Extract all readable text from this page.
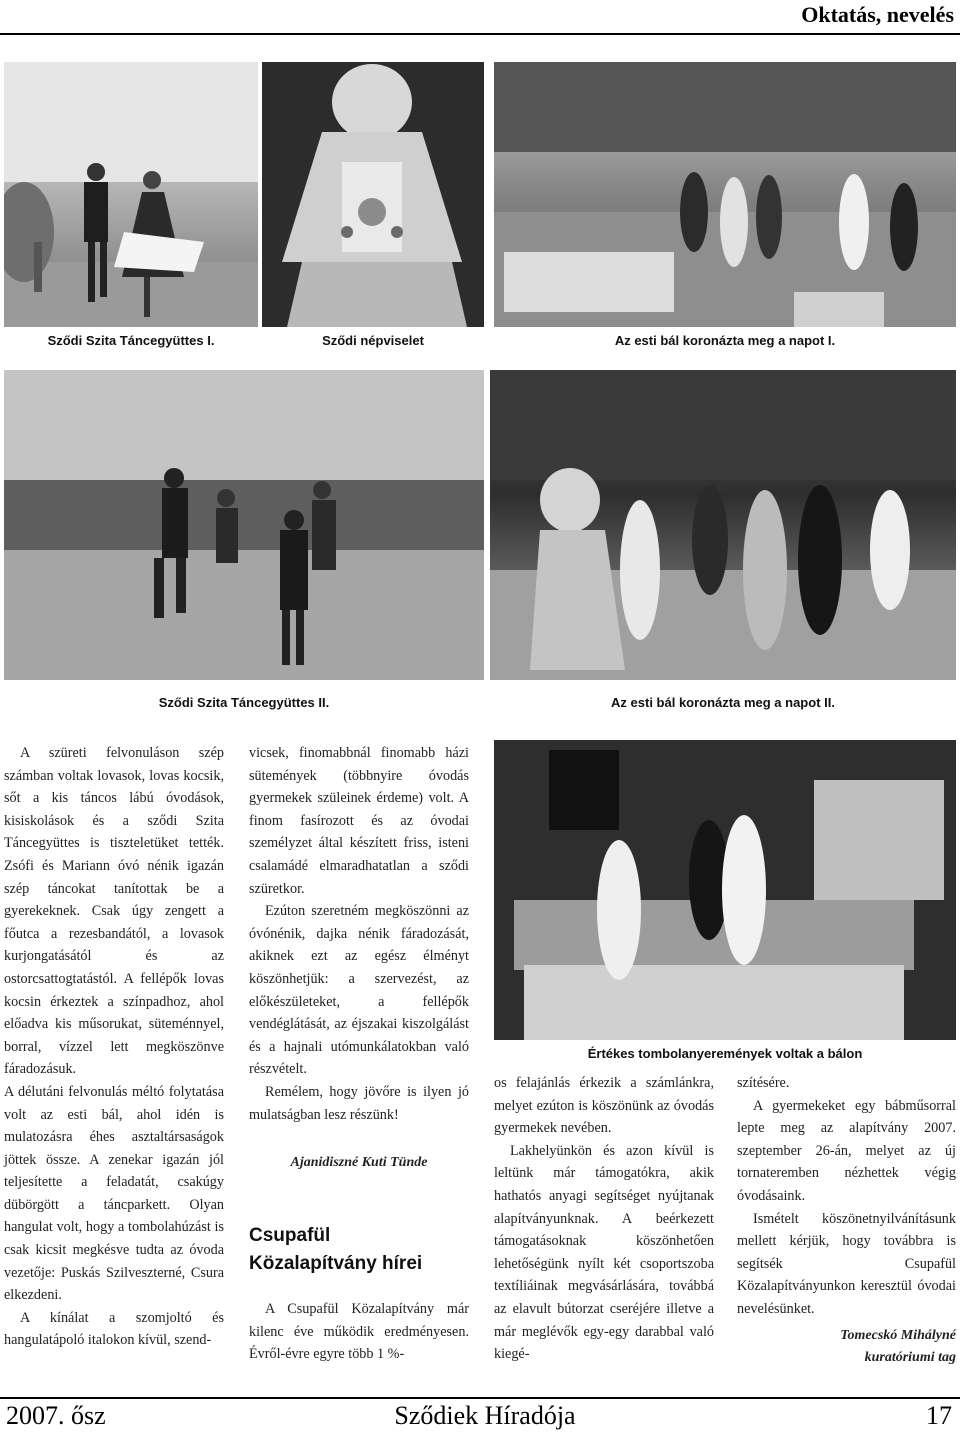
Oktatás, nevelés
Sződi Szita Táncegyüttes I.	Sződi népviselet	Az esti bál koronázta meg a napot I.
Sződi Szita Táncegyüttes II.	Az esti bál koronázta meg a napot II.

A szüreti felvonuláson szép számban voltak lovasok, lovas kocsik, sőt a kis táncos lábú óvodások, kisiskolások és a sződi Szita Táncegyüttes is tiszteletüket tették. Zsófi és Mariann óvó nénik igazán szép táncokat tanítottak be a gyerekeknek. Csak úgy zengett a főutca a rezesbandától, a lovasok kurjongatásától és az ostorcsattogtatástól. A fellépők lovas kocsin érkeztek a színpadhoz, ahol előadva kis műsorukat, süteménnyel, borral, vízzel lett megköszönve fáradozásuk.

A délutáni felvonulás méltó folytatása volt az esti bál, ahol idén is mulatozásra éhes asztaltársaságok jöttek össze. A zenekar igazán jól teljesítette a feladatát, csakúgy dübörgött a táncparkett. Olyan hangulat volt, hogy a tombolahúzást is csak kicsit megkésve tudta az óvoda vezetője: Puskás Szilveszterné, Csura elkezdeni.

A kínálat a szomjoltó és hangulatápoló italokon kívül, szend-

vicsek, finomabbnál finomabb házi sütemények (többnyire óvodás gyermekek szüleinek érdeme) volt. A finom fasírozott és az óvodai személyzet által készített friss, isteni csalamádé elmaradhatatlan a sződi szüretkor.

Ezúton szeretném megköszönni az óvónénik, dajka nénik fáradozását, akiknek ezt az egész élményt köszönhetjük: a szervezést, az előkészületeket, a fellépők vendéglátását, az éjszakai kiszolgálást és a hajnali utómunkálatokban való részvételt.

Remélem, hogy jövőre is ilyen jó mulatságban lesz részünk!

Ajanidiszné Kuti Tünde

Csupafül
Közalapítvány hírei

A Csupafül Közalapítvány már kilenc éve működik eredményesen. Évről-évre egyre több 1 %-

Értékes tombolanyeremények voltak a bálon

os felajánlás érkezik a számlánkra, melyet ezúton is köszönünk az óvodás gyermekek nevében.

Lakhelyünkön és azon kívül is leltünk már támogatókra, akik hathatós anyagi segítséget nyújtanak alapítványunknak. A beérkezett támogatásoknak köszönhetően lehetőségünk nyílt két csoportszoba textíliáinak megvásárlására, továbbá az elavult bútorzat cseréjére illetve a már meglévők egy-egy darabbal való kiegé-

szítésére.

A gyermekeket egy bábműsorral lepte meg az alapítvány 2007. szeptember 26-án, melyet az új tornateremben nézhettek végig óvodásaink.

Ismételt köszönetnyilvánításunk mellett kérjük, hogy továbbra is segítsék Csupafül Közalapítványunkon keresztül óvodai nevelésünket.

Tomecskó Mihályné

kuratóriumi tag

2007. ősz	Sződiek Híradója	17
